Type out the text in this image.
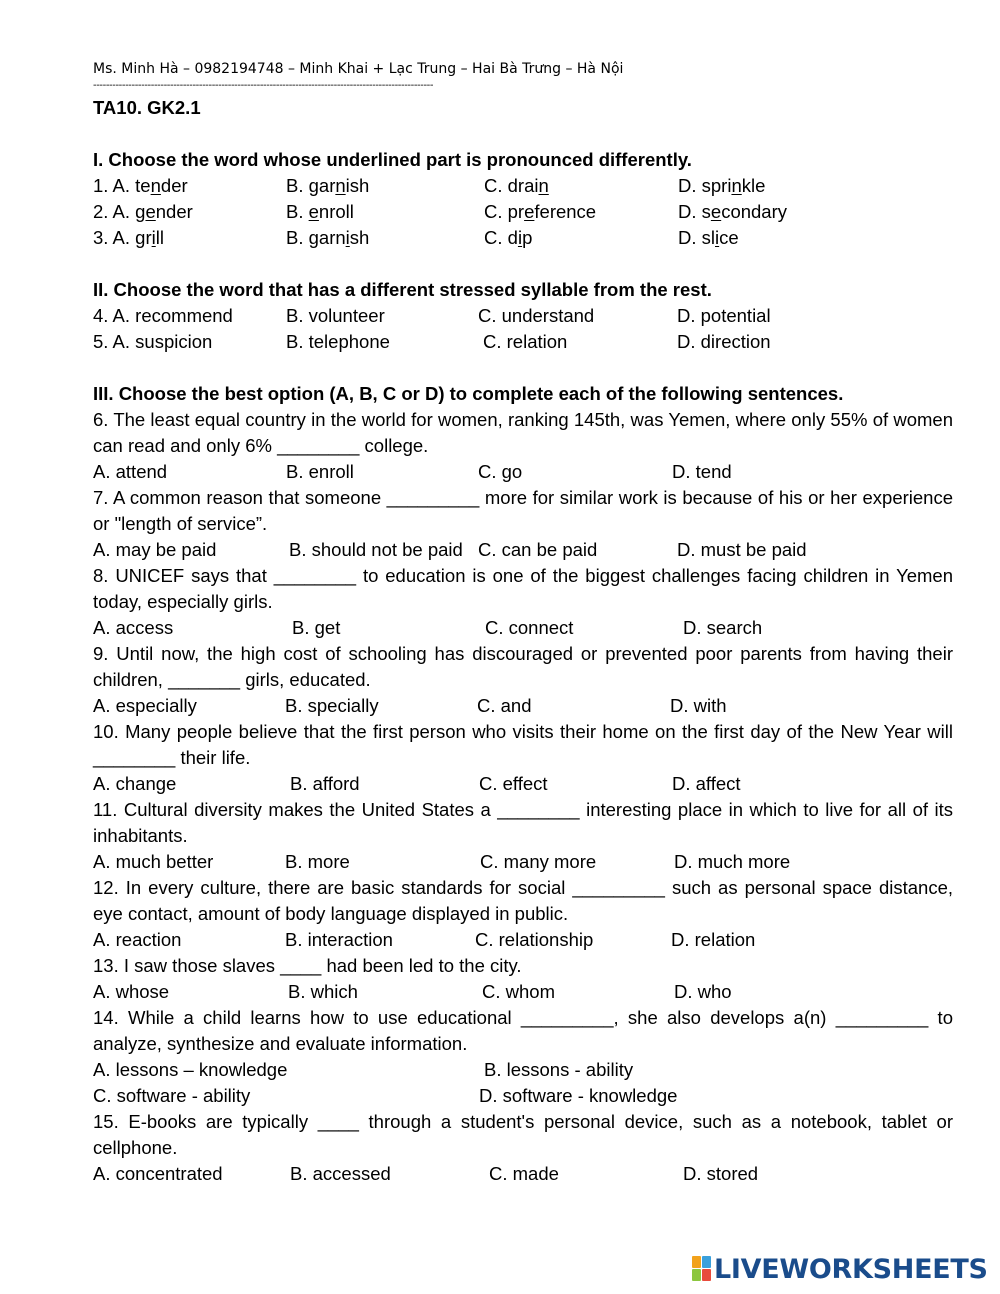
Ms. Minh Hà – 0982194748 – Minh Khai + Lạc Trung – Hai Bà Trưng – Hà Nội
----------------------------------------------------------------------------------------------------------
TA10. GK2.1
I. Choose the word whose underlined part is pronounced differently.
1. A. tender	B. garnish	C. drain	D. sprinkle
2. A. gender	B. enroll	C. preference	D. secondary
3. A. grill	B. garnish	C. dip	D. slice
II. Choose the word that has a different stressed syllable from the rest.
4. A. recommend	B. volunteer	C. understand	D. potential
5. A. suspicion	B. telephone	C. relation	D. direction
III. Choose the best option (A, B, C or D) to complete each of the following sentences.
6. The least equal country in the world for women, ranking 145th, was Yemen, where only 55% of women can read and only 6% ________ college.
A. attend	B. enroll	C. go	D. tend
7. A common reason that someone _________ more for similar work is because of his or her experience or "length of service”.
A. may be paid	B. should not be paid C. can be paid	D. must be paid
8. UNICEF says that ________ to education is one of the biggest challenges facing children in Yemen today, especially girls.
A. access	B. get	C. connect	D. search
9. Until now, the high cost of schooling has discouraged or prevented poor parents from having their children, _______ girls, educated.
A. especially	B. specially	C. and	D. with
10. Many people believe that the first person who visits their home on the first day of the New Year will ________ their life.
A. change	B. afford	C. effect	D. affect
11. Cultural diversity makes the United States a ________ interesting place in which to live for all of its inhabitants.
A. much better	B. more	C. many more	D. much more
12. In every culture, there are basic standards for social _________ such as personal space distance, eye contact, amount of body language displayed in public.
A. reaction	B. interaction	C. relationship	D. relation
13. I saw those slaves ____ had been led to the city.
A. whose	B. which	C. whom	D. who
14. While a child learns how to use educational _________, she also develops a(n) _________ to analyze, synthesize and evaluate information.
A. lessons – knowledge	B. lessons - ability
C. software - ability	D. software - knowledge
15. E-books are typically ____ through a student's personal device, such as a notebook, tablet or cellphone.
A. concentrated	B. accessed	C. made	D. stored
LIVEWORKSHEETS
